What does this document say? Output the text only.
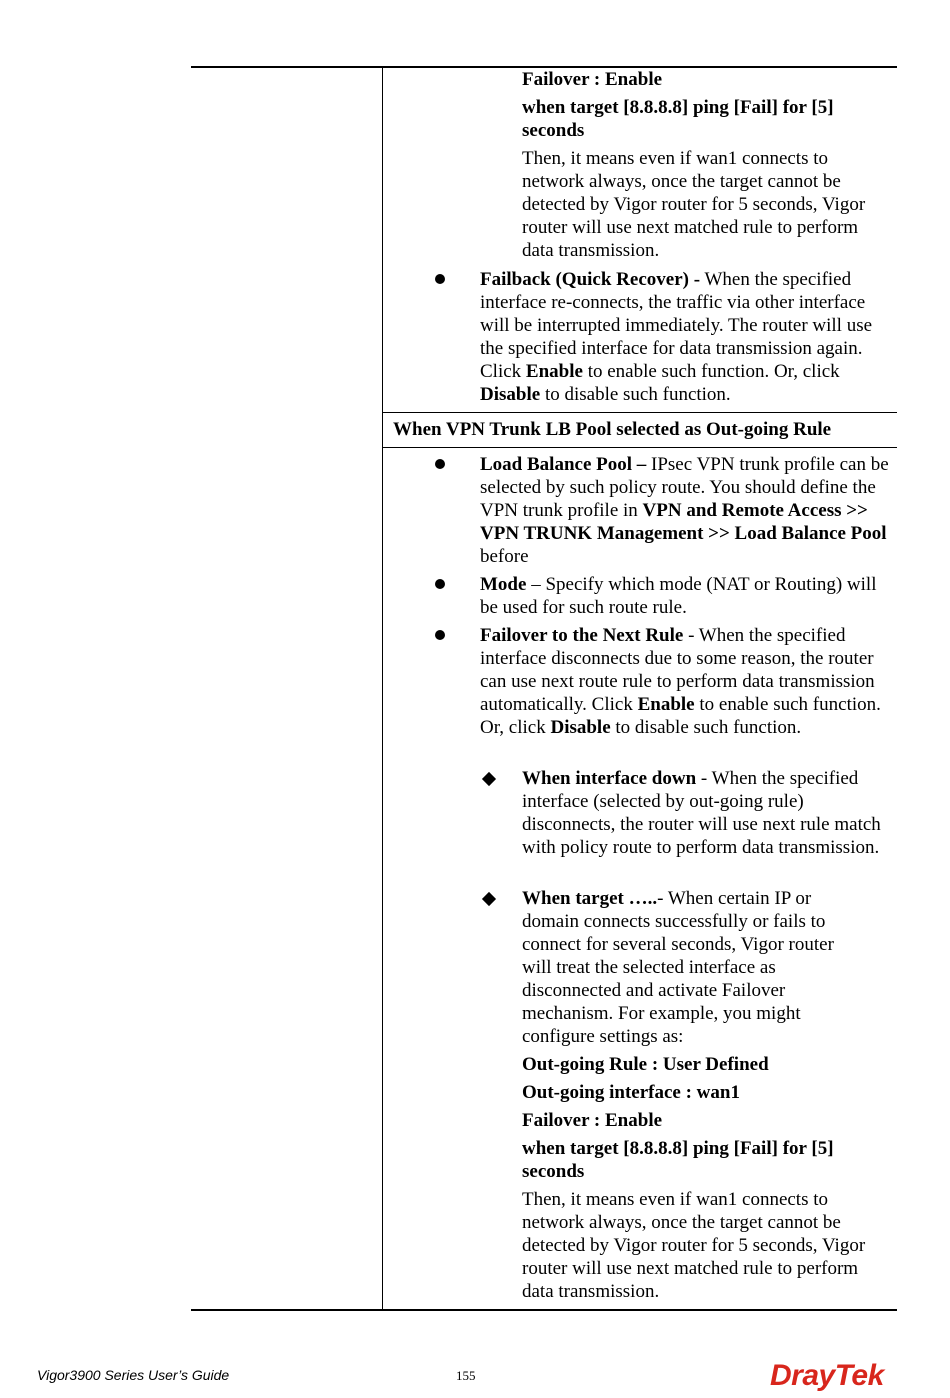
Failover : Enable

when target [8.8.8.8] ping [Fail] for [5] seconds

Then, it means even if wan1 connects to network always, once the target cannot be detected by Vigor router for 5 seconds, Vigor router will use next matched rule to perform data transmission.

Failback (Quick Recover) - When the specified interface re-connects, the traffic via other interface will be interrupted immediately. The router will use the specified interface for data transmission again. Click Enable to enable such function. Or, click Disable to disable such function.

When VPN Trunk LB Pool selected as Out-going Rule

Load Balance Pool – IPsec VPN trunk profile can be selected by such policy route. You should define the VPN trunk profile in VPN and Remote Access >> VPN TRUNK Management >> Load Balance Pool before

Mode – Specify which mode (NAT or Routing) will be used for such route rule.

Failover to the Next Rule - When the specified interface disconnects due to some reason, the router can use next route rule to perform data transmission automatically. Click Enable to enable such function. Or, click Disable to disable such function.

When interface down - When the specified interface (selected by out-going rule) disconnects, the router will use next rule match with policy route to perform data transmission.

When target …..- When certain IP or domain connects successfully or fails to connect for several seconds, Vigor router will treat the selected interface as disconnected and activate Failover mechanism. For example, you might configure settings as:

Out-going Rule : User Defined

Out-going interface : wan1

Failover : Enable

when target [8.8.8.8] ping [Fail] for [5] seconds

Then, it means even if wan1 connects to network always, once the target cannot be detected by Vigor router for 5 seconds, Vigor router will use next matched rule to perform data transmission.

Vigor3900 Series User’s Guide	155	DrayTek
